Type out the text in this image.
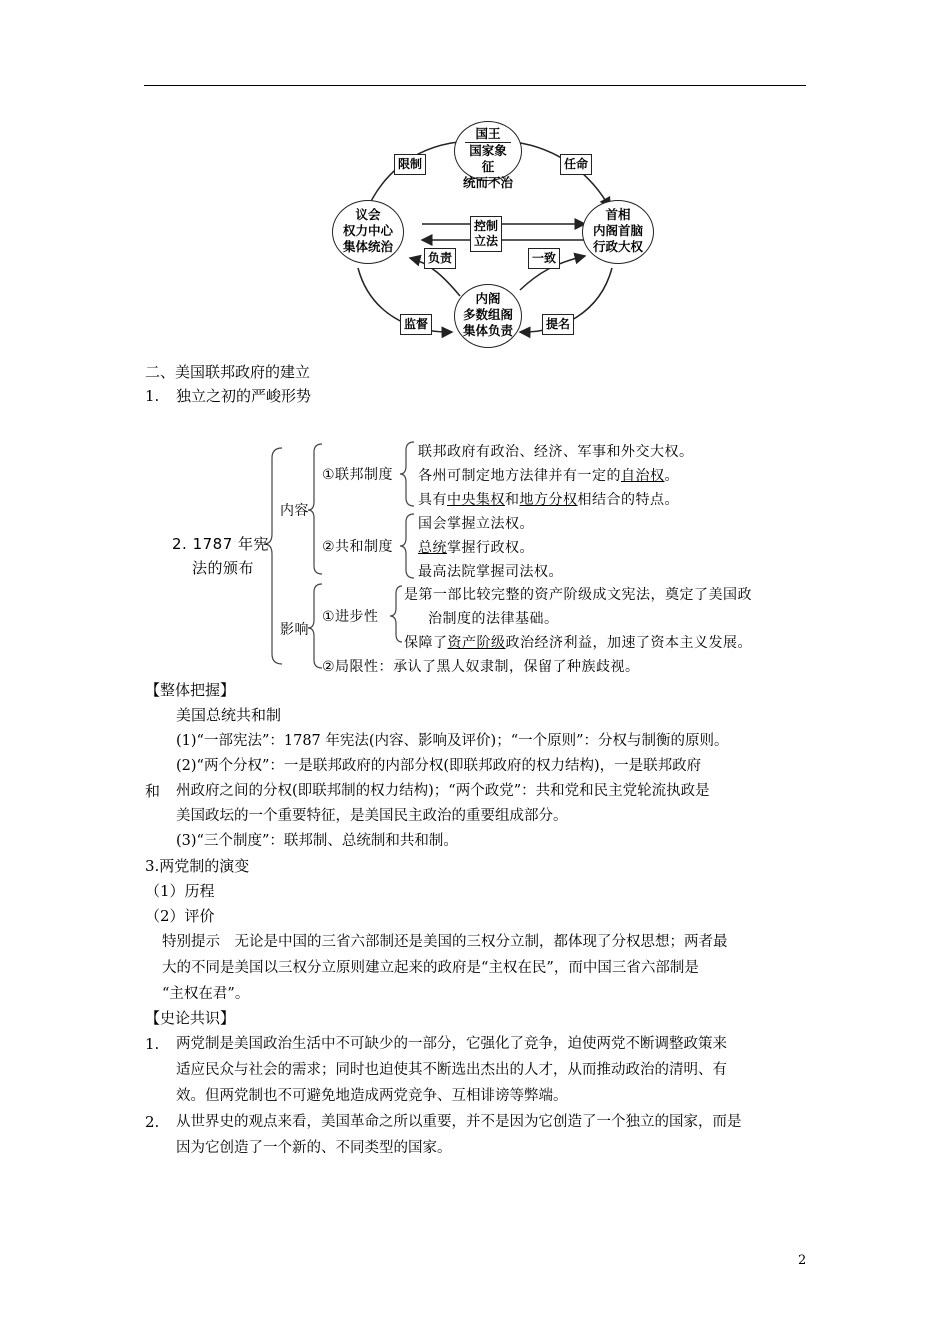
国王
国家象征
统而不治
议会
权力中心
集体统治
首相
内阁首脑
行政大权
内阁
多数组阁
集体负责
限制	任命
控制
立法
负责	一致
监督	提名
二、美国联邦政府的建立
1. 独立之初的严峻形势
2. 1787 年宪
法的颁布
内容
影响
①联邦制度
联邦政府有政治、经济、军事和外交大权。
各州可制定地方法律并有一定的自治权。
具有中央集权和地方分权相结合的特点。
②共和制度
国会掌握立法权。
总统掌握行政权。
最高法院掌握司法权。
①进步性
是第一部比较完整的资产阶级成文宪法，奠定了美国政
治制度的法律基础。
保障了资产阶级政治经济利益，加速了资本主义发展。
②局限性：承认了黑人奴隶制，保留了种族歧视。
【整体把握】
美国总统共和制
(1)“一部宪法”：1787 年宪法(内容、影响及评价)；“一个原则”：分权与制衡的原则。
(2)“两个分权”：一是联邦政府的内部分权(即联邦政府的权力结构)，一是联邦政府
和 州政府之间的分权(即联邦制的权力结构)；“两个政党”：共和党和民主党轮流执政是
美国政坛的一个重要特征，是美国民主政治的重要组成部分。
(3)“三个制度”：联邦制、总统制和共和制。
3.两党制的演变
（1）历程
（2）评价
特别提示　无论是中国的三省六部制还是美国的三权分立制，都体现了分权思想；两者最
大的不同是美国以三权分立原则建立起来的政府是“主权在民”，而中国三省六部制是
“主权在君”。
【史论共识】
1. 两党制是美国政治生活中不可缺少的一部分，它强化了竞争，迫使两党不断调整政策来
适应民众与社会的需求；同时也迫使其不断选出杰出的人才，从而推动政治的清明、有
效。但两党制也不可避免地造成两党竞争、互相诽谤等弊端。
2. 从世界史的观点来看，美国革命之所以重要，并不是因为它创造了一个独立的国家，而是
因为它创造了一个新的、不同类型的国家。
2
